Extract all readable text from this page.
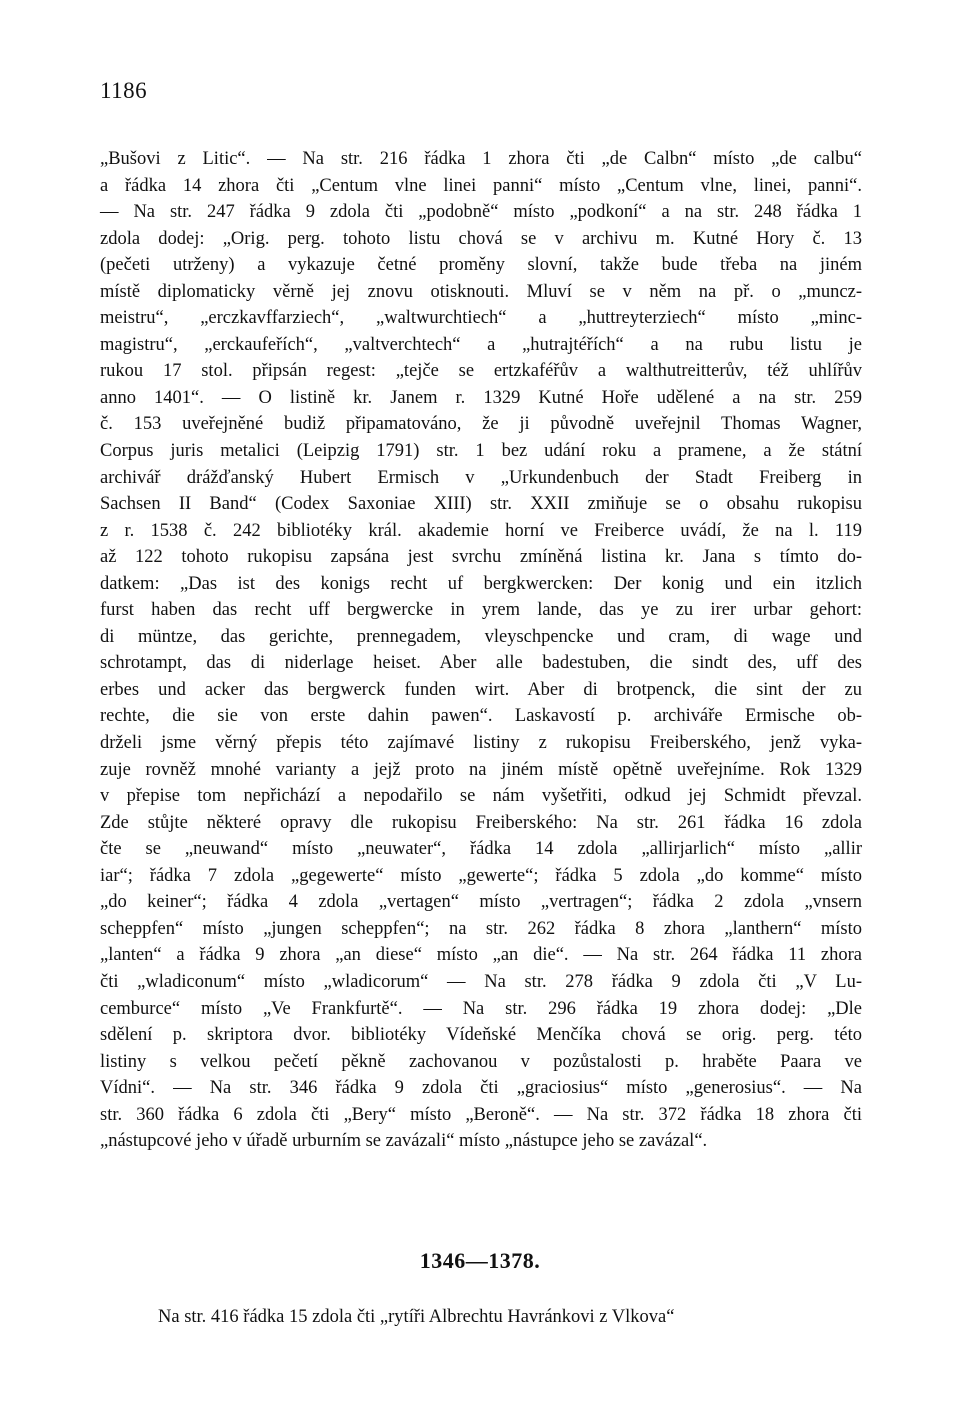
1186
„Bušovi z Litic“. — Na str. 216 řádka 1 zhora čti „de Calbn“ místo „de calbu“
a řádka 14 zhora čti „Centum vlne linei panni“ místo „Centum vlne, linei, panni“.
— Na str. 247 řádka 9 zdola čti „podobně“ místo „podkoní“ a na str. 248 řádka 1
zdola dodej: „Orig. perg. tohoto listu chová se v archivu m. Kutné Hory č. 13
(pečeti utrženy) a vykazuje četné proměny slovní, takže bude třeba na jiném
místě diplomaticky věrně jej znovu otisknouti. Mluví se v něm na př. o „muncz-
meistru“, „erczkavffarziech“, „waltwurchtiech“ a „huttreyterziech“ místo „minc-
magistru“, „erckaufeřích“, „valtverchtech“ a „hutrajtéřích“ a na rubu listu je
rukou 17 stol. připsán regest: „tejče se ertzkaféřův a walthutreitterův, též uhlířův
anno 1401“. — O listině kr. Janem r. 1329 Kutné Hoře udělené a na str. 259
č. 153 uveřejněné budiž připamatováno, že ji původně uveřejnil Thomas Wagner,
Corpus juris metalici (Leipzig 1791) str. 1 bez udání roku a pramene, a že státní
archivář drážďanský Hubert Ermisch v „Urkundenbuch der Stadt Freiberg in
Sachsen II Band“ (Codex Saxoniae XIII) str. XXII zmiňuje se o obsahu rukopisu
z r. 1538 č. 242 bibliotéky král. akademie horní ve Freiberce uvádí, že na l. 119
až 122 tohoto rukopisu zapsána jest svrchu zmíněná listina kr. Jana s tímto do-
datkem: „Das ist des konigs recht uf bergkwercken: Der konig und ein itzlich
furst haben das recht uff bergwercke in yrem lande, das ye zu irer urbar gehort:
di müntze, das gerichte, prennegadem, vleyschpencke und cram, di wage und
schrotampt, das di niderlage heiset. Aber alle badestuben, die sindt des, uff des
erbes und acker das bergwerck funden wirt. Aber di brotpenck, die sint der zu
rechte, die sie von erste dahin pawen“. Laskavostí p. archiváře Ermische ob-
drželi jsme věrný přepis této zajímavé listiny z rukopisu Freiberského, jenž vyka-
zuje rovněž mnohé varianty a jejž proto na jiném místě opětně uveřejníme. Rok 1329
v přepise tom nepřichází a nepodařilo se nám vyšetřiti, odkud jej Schmidt převzal.
Zde stůjte některé opravy dle rukopisu Freiberského: Na str. 261 řádka 16 zdola
čte se „neuwand“ místo „neuwater“, řádka 14 zdola „allirjarlich“ místo „allir
iar“; řádka 7 zdola „gegewerte“ místo „gewerte“; řádka 5 zdola „do komme“ místo
„do keiner“; řádka 4 zdola „vertagen“ místo „vertragen“; řádka 2 zdola „vnsern
scheppfen“ místo „jungen scheppfen“; na str. 262 řádka 8 zhora „lanthern“ místo
„lanten“ a řádka 9 zhora „an diese“ místo „an die“. — Na str. 264 řádka 11 zhora
čti „wladiconum“ místo „wladicorum“ — Na str. 278 řádka 9 zdola čti „V Lu-
cemburce“ místo „Ve Frankfurtě“. — Na str. 296 řádka 19 zhora dodej: „Dle
sdělení p. skriptora dvor. bibliotéky Vídeňské Menčíka chová se orig. perg. této
listiny s velkou pečetí pěkně zachovanou v pozůstalosti p. hraběte Paara ve
Vídni“. — Na str. 346 řádka 9 zdola čti „graciosius“ místo „generosius“. — Na
str. 360 řádka 6 zdola čti „Bery“ místo „Beroně“. — Na str. 372 řádka 18 zhora čti
„nástupcové jeho v úřadě urburním se zavázali“ místo „nástupce jeho se zavázal“.
1346—1378.
Na str. 416 řádka 15 zdola čti „rytíři Albrechtu Havránkovi z Vlkova“
